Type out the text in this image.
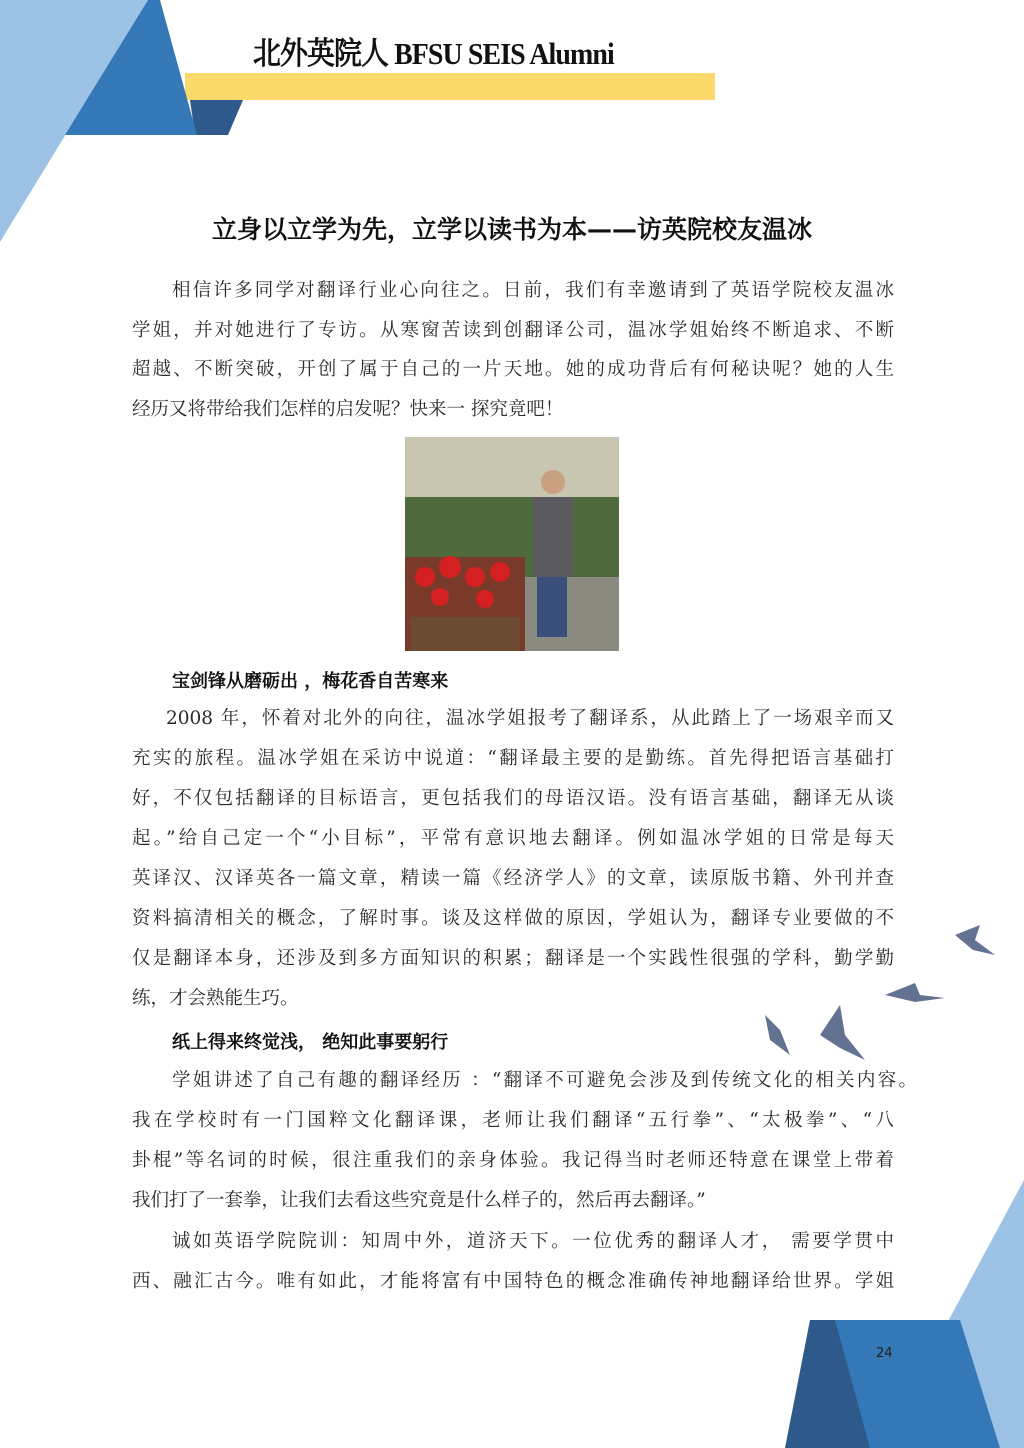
北外英院人 BFSU SEIS Alumni
立身以立学为先，立学以读书为本——访英院校友温冰
相信许多同学对翻译行业心向往之。日前，我们有幸邀请到了英语学院校友温冰
学姐，并对她进行了专访。从寒窗苦读到创翻译公司，温冰学姐始终不断追求、不断
超越、不断突破，开创了属于自己的一片天地。她的成功背后有何秘诀呢？她的人生
经历又将带给我们怎样的启发呢？快来一 探究竟吧！
宝剑锋从磨砺出 ，梅花香自苦寒来
2008 年，怀着对北外的向往，温冰学姐报考了翻译系，从此踏上了一场艰辛而又
充实的旅程。温冰学姐在采访中说道：“翻译最主要的是勤练。首先得把语言基础打
好，不仅包括翻译的目标语言，更包括我们的母语汉语。没有语言基础，翻译无从谈
起。”给自己定一个“小目标”，平常有意识地去翻译。例如温冰学姐的日常是每天
英译汉、汉译英各一篇文章，精读一篇《经济学人》的文章，读原版书籍、外刊并查
资料搞清相关的概念，了解时事。谈及这样做的原因，学姐认为，翻译专业要做的不
仅是翻译本身，还涉及到多方面知识的积累；翻译是一个实践性很强的学科，勤学勤
练，才会熟能生巧。
纸上得来终觉浅， 绝知此事要躬行
学姐讲述了自己有趣的翻译经历 ：“翻译不可避免会涉及到传统文化的相关内容。
我在学校时有一门国粹文化翻译课，老师让我们翻译“五行拳”、“太极拳”、“八
卦棍”等名词的时候，很注重我们的亲身体验。我记得当时老师还特意在课堂上带着
我们打了一套拳，让我们去看这些究竟是什么样子的，然后再去翻译。”
诚如英语学院院训：知周中外，道济天下。一位优秀的翻译人才， 需要学贯中
西、融汇古今。唯有如此，才能将富有中国特色的概念准确传神地翻译给世界。学姐
24
